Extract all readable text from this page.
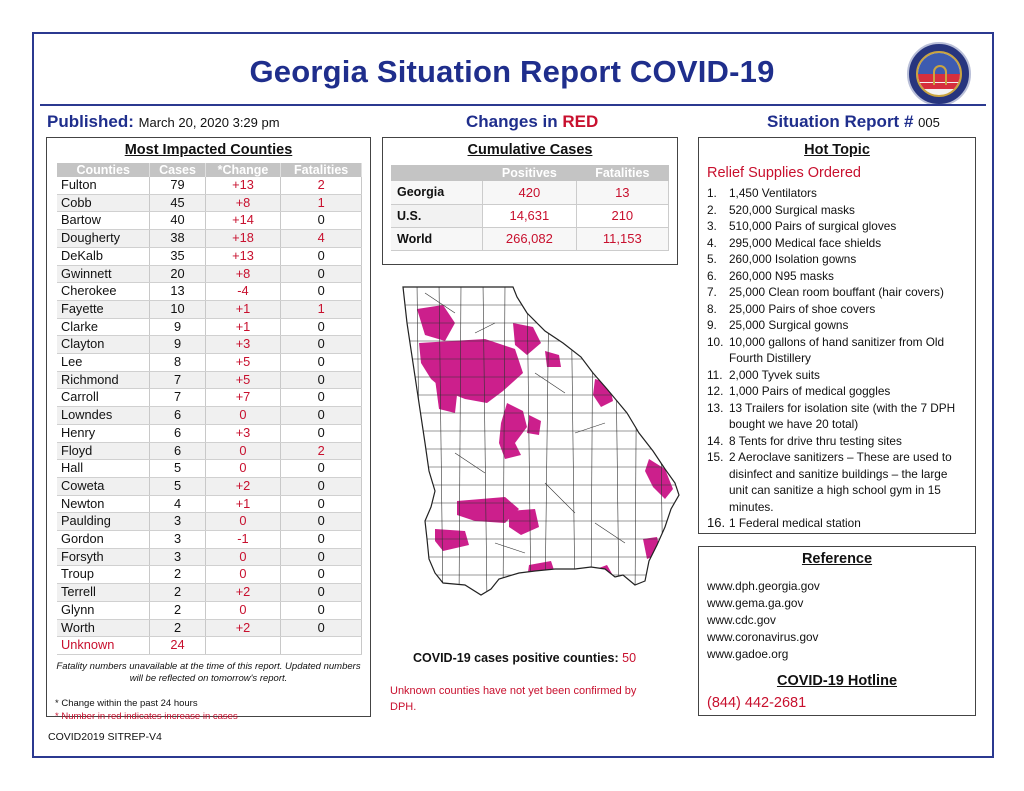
Georgia Situation Report COVID-19
Published: March 20, 2020 3:29 pm	Changes in RED	Situation Report # 005
Most Impacted Counties
Counties	Cases	*Change	Fatalities
Fulton	79	+13	2
Cobb	45	+8	1
Bartow	40	+14	0
Dougherty	38	+18	4
DeKalb	35	+13	0
Gwinnett	20	+8	0
Cherokee	13	-4	0
Fayette	10	+1	1
Clarke	9	+1	0
Clayton	9	+3	0
Lee	8	+5	0
Richmond	7	+5	0
Carroll	7	+7	0
Lowndes	6	0	0
Henry	6	+3	0
Floyd	6	0	2
Hall	5	0	0
Coweta	5	+2	0
Newton	4	+1	0
Paulding	3	0	0
Gordon	3	-1	0
Forsyth	3	0	0
Troup	2	0	0
Terrell	2	+2	0
Glynn	2	0	0
Worth	2	+2	0
Unknown	24		
Fatality numbers unavailable at the time of this report. Updated numbers will be reflected on tomorrow's report.
* Change within the past 24 hours
* Number in red indicates increase in cases
Cumulative Cases
	Positives	Fatalities
Georgia	420	13
U.S.	14,631	210
World	266,082	11,153
Hot Topic
Relief Supplies Ordered
1.	1,450 Ventilators
2.	520,000 Surgical masks
3.	510,000 Pairs of surgical gloves
4.	295,000 Medical face shields
5.	260,000 Isolation gowns
6.	260,000 N95 masks
7.	25,000 Clean room bouffant (hair covers)
8.	25,000 Pairs of shoe covers
9.	25,000 Surgical gowns
10. 10,000 gallons of hand sanitizer from Old Fourth Distillery
11. 2,000 Tyvek suits
12. 1,000 Pairs of medical goggles
13. 13 Trailers for isolation site (with the 7 DPH bought we have 20 total)
14. 8 Tents for drive thru testing sites
15. 2 Aeroclave sanitizers – These are used to disinfect and sanitize buildings – the large unit can sanitize a high school gym in 15 minutes.
16. 1 Federal medical station
Reference
www.dph.georgia.gov
www.gema.ga.gov
www.cdc.gov
www.coronavirus.gov
www.gadoe.org
COVID-19 Hotline
(844) 442-2681
COVID-19 cases positive counties: 50
Unknown counties have not yet been confirmed by DPH.
COVID2019 SITREP-V4
